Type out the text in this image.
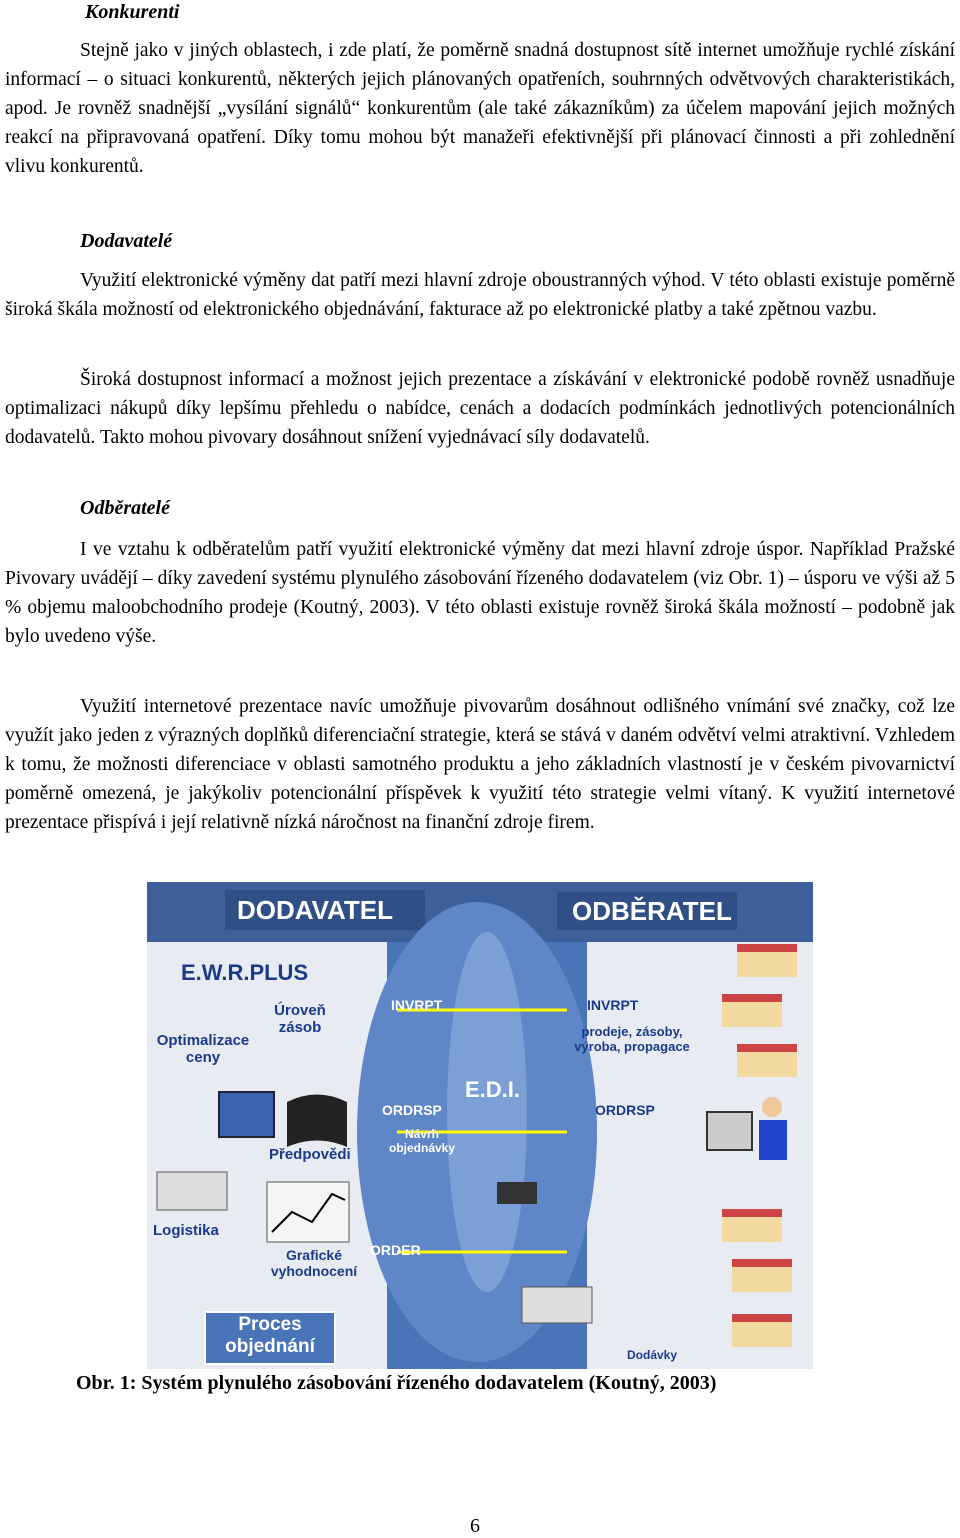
Konkurenti

Stejně jako v jiných oblastech, i zde platí, že poměrně snadná dostupnost sítě internet umožňuje rychlé získání informací – o situaci konkurentů, některých jejich plánovaných opatřeních, souhrnných odvětvových charakteristikách, apod. Je rovněž snadnější „vysílání signálů“ konkurentům (ale také zákazníkům) za účelem mapování jejich možných reakcí na připravovaná opatření. Díky tomu mohou být manažeři efektivnější při plánovací činnosti a při zohlednění vlivu konkurentů.

Dodavatelé

Využití elektronické výměny dat patří mezi hlavní zdroje oboustranných výhod. V této oblasti existuje poměrně široká škála možností od elektronického objednávání, fakturace až po elektronické platby a také zpětnou vazbu.

Široká dostupnost informací a možnost jejich prezentace a získávání v elektronické podobě rovněž usnadňuje optimalizaci nákupů díky lepšímu přehledu o nabídce, cenách a dodacích podmínkách jednotlivých potencionálních dodavatelů. Takto mohou pivovary dosáhnout snížení vyjednávací síly dodavatelů.

Odběratelé

I ve vztahu k odběratelům patří využití elektronické výměny dat mezi hlavní zdroje úspor. Například Pražské Pivovary uvádějí – díky zavedení systému plynulého zásobování řízeného dodavatelem (viz Obr. 1) – úsporu ve výši až 5 % objemu maloobchodního prodeje (Koutný, 2003). V této oblasti existuje rovněž široká škála možností – podobně jak bylo uvedeno výše.

Využití internetové prezentace navíc umožňuje pivovarům dosáhnout odlišného vnímání své značky, což lze využít jako jeden z výrazných doplňků diferenciační strategie, která se stává v daném odvětví velmi atraktivní. Vzhledem k tomu, že možnosti diferenciace v oblasti samotného produktu a jeho základních vlastností je v českém pivovarnictví poměrně omezená, je jakýkoliv potencionální příspěvek k využití této strategie velmi vítaný. K využití internetové prezentace přispívá i její relativně nízká náročnost na finanční zdroje firem.

DODAVATEL	ODBĚRATEL
E.W.R.PLUS
Úroveň zásob
Optimalizace ceny
Předpovědi
Logistika
Grafické vyhodnocení
Proces objednání
E.D.I.
INVRPT	INVRPT
prodeje, zásoby, výroba, propagace
ORDRSP	ORDRSP
Návrh objednávky
ORDER
Dodávky
Obr. 1: Systém plynulého zásobování řízeného dodavatelem (Koutný, 2003)
6
